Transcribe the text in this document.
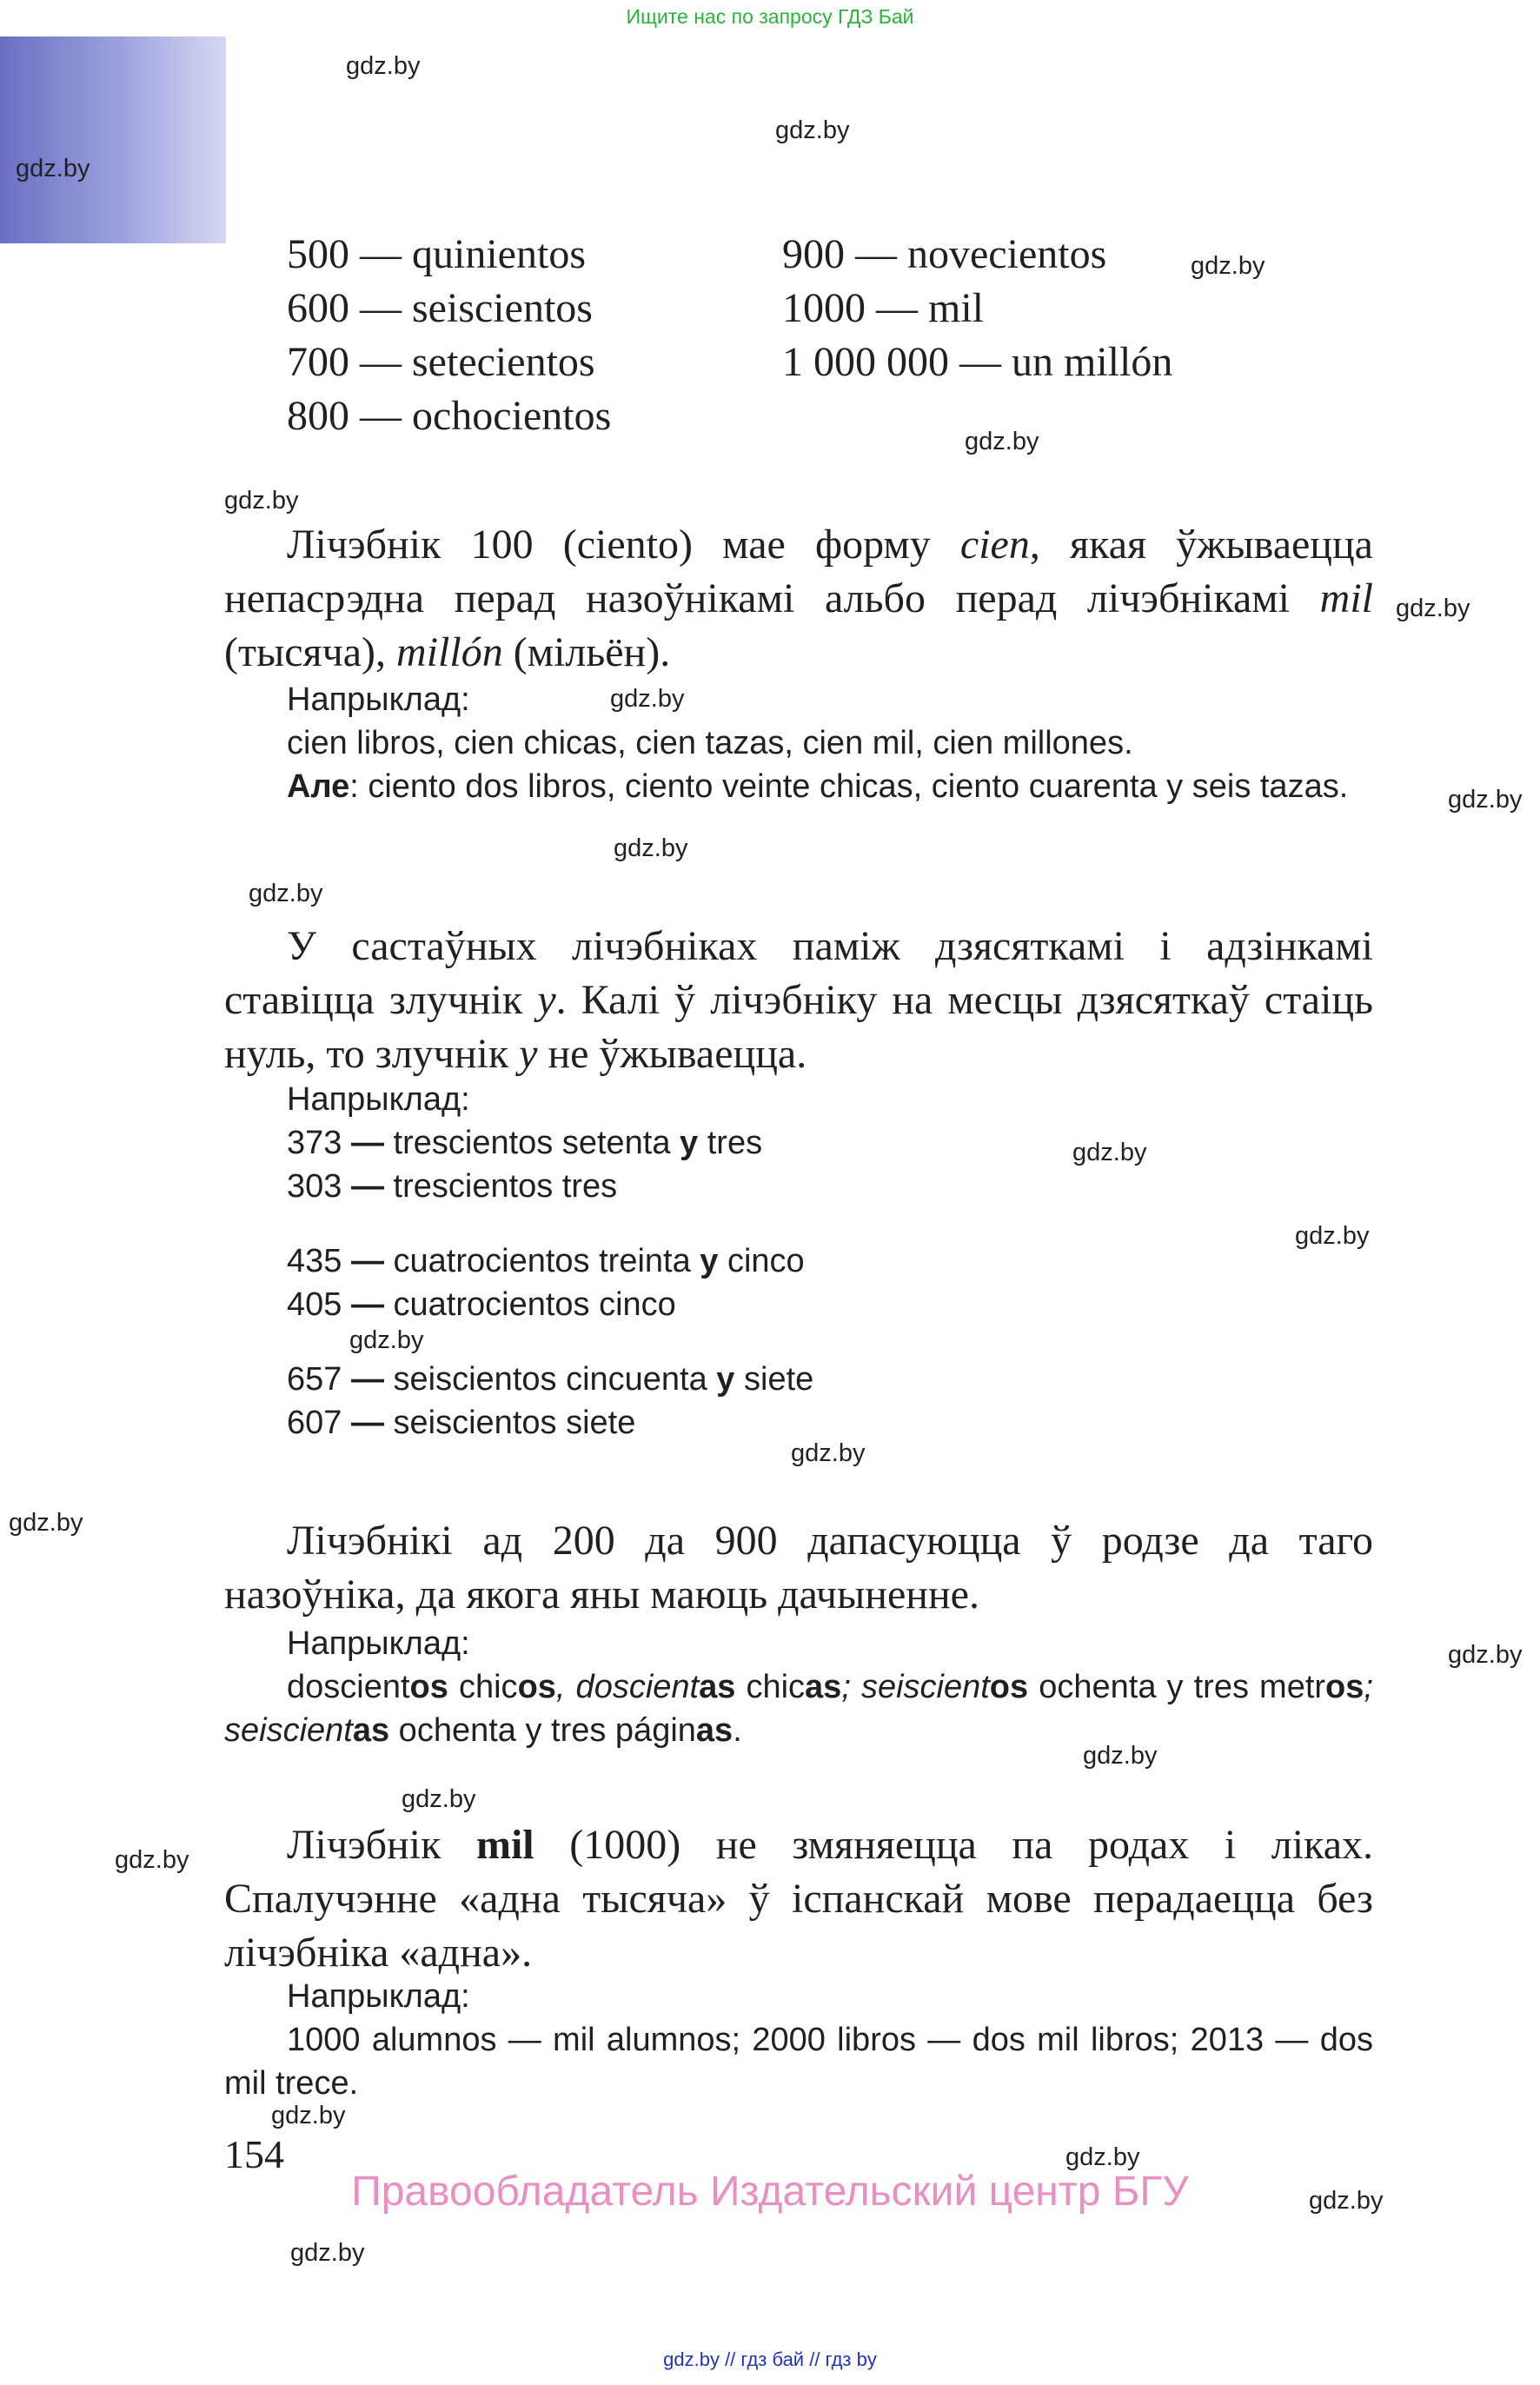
Ищите нас по запросу ГДЗ Бай
gdz.by
gdz.by
gdz.by
gdz.by
gdz.by
gdz.by
gdz.by
gdz.by
gdz.by
gdz.by
gdz.by
gdz.by
gdz.by
gdz.by
gdz.by
gdz.by
gdz.by
gdz.by
gdz.by
gdz.by
gdz.by
gdz.by
gdz.by
gdz.by
500 — quinientos
600 — seiscientos
700 — setecientos
800 — ochocientos
900 — novecientos
1000 — mil
1 000 000 — un millón
Лічэбнік 100 (ciento) мае форму cien, якая ўжываецца непасрэдна перад назоўнікамі альбо перад лічэбнікамі mil (тысяча), millón (мільён).
Напрыклад:
cien libros, cien chicas, cien tazas, cien mil, cien millones.
Але: ciento dos libros, ciento veinte chicas, ciento cuarenta y seis tazas.
У састаўных лічэбніках паміж дзясяткамі і адзінкамі ставіцца злучнік y. Калі ў лічэбніку на месцы дзясяткаў стаіць нуль, то злучнік y не ўжываецца.
Напрыклад:
373 — trescientos setenta y tres
303 — trescientos tres
435 — cuatrocientos treinta y cinco
405 — cuatrocientos cinco
657 — seiscientos cincuenta y siete
607 — seiscientos siete
Лічэбнікі ад 200 да 900 дапасуюцца ў родзе да таго назоўніка, да якога яны маюць дачыненне.
Напрыклад:
doscientos chicos, doscientas chicas; seiscientos ochenta y tres metros; seiscientas ochenta y tres páginas.
Лічэбнік mil (1000) не змяняецца па родах і ліках. Спалучэнне «адна тысяча» ў іспанскай мове перадаецца без лічэбніка «адна».
Напрыклад:
1000 alumnos — mil alumnos; 2000 libros — dos mil libros; 2013 — dos mil trece.
154
Правообладатель Издательский центр БГУ
gdz.by // гдз бай // гдз by
